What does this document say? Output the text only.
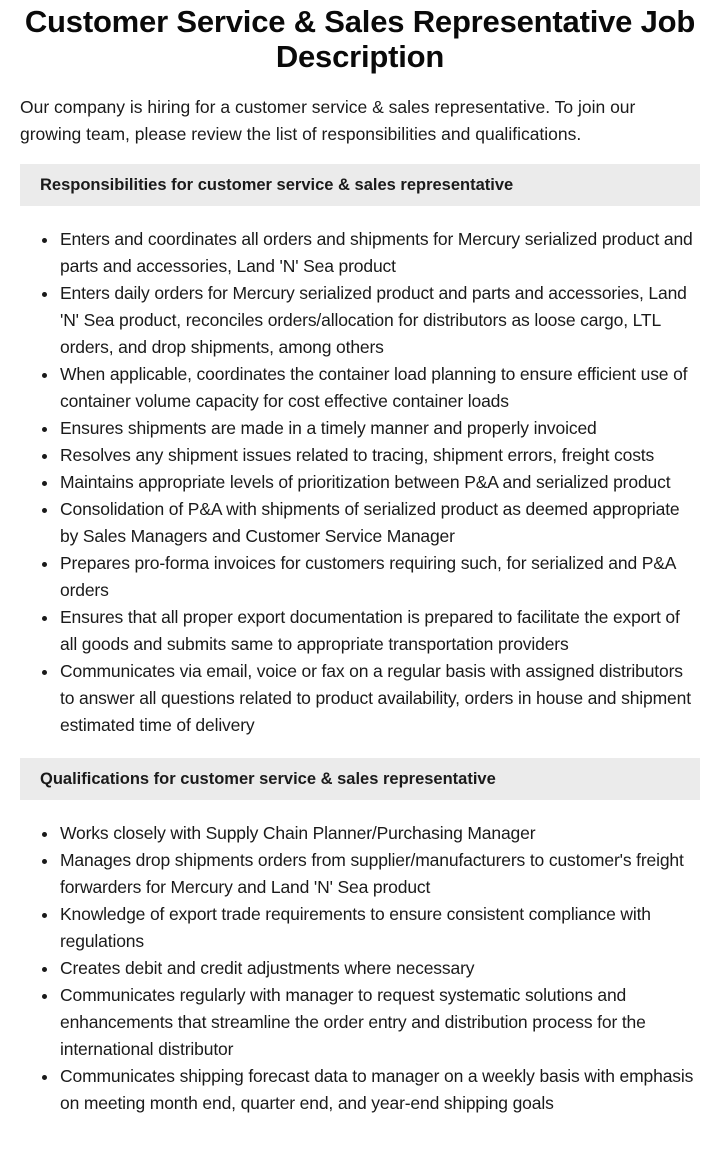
Customer Service & Sales Representative Job Description

Our company is hiring for a customer service & sales representative. To join our growing team, please review the list of responsibilities and qualifications.

Responsibilities for customer service & sales representative
Enters and coordinates all orders and shipments for Mercury serialized product and parts and accessories, Land 'N' Sea product
Enters daily orders for Mercury serialized product and parts and accessories, Land 'N' Sea product, reconciles orders/allocation for distributors as loose cargo, LTL orders, and drop shipments, among others
When applicable, coordinates the container load planning to ensure efficient use of container volume capacity for cost effective container loads
Ensures shipments are made in a timely manner and properly invoiced
Resolves any shipment issues related to tracing, shipment errors, freight costs
Maintains appropriate levels of prioritization between P&A and serialized product
Consolidation of P&A with shipments of serialized product as deemed appropriate by Sales Managers and Customer Service Manager
Prepares pro-forma invoices for customers requiring such, for serialized and P&A orders
Ensures that all proper export documentation is prepared to facilitate the export of all goods and submits same to appropriate transportation providers
Communicates via email, voice or fax on a regular basis with assigned distributors to answer all questions related to product availability, orders in house and shipment estimated time of delivery
Qualifications for customer service & sales representative
Works closely with Supply Chain Planner/Purchasing Manager
Manages drop shipments orders from supplier/manufacturers to customer's freight forwarders for Mercury and Land 'N' Sea product
Knowledge of export trade requirements to ensure consistent compliance with regulations
Creates debit and credit adjustments where necessary
Communicates regularly with manager to request systematic solutions and enhancements that streamline the order entry and distribution process for the international distributor
Communicates shipping forecast data to manager on a weekly basis with emphasis on meeting month end, quarter end, and year-end shipping goals
